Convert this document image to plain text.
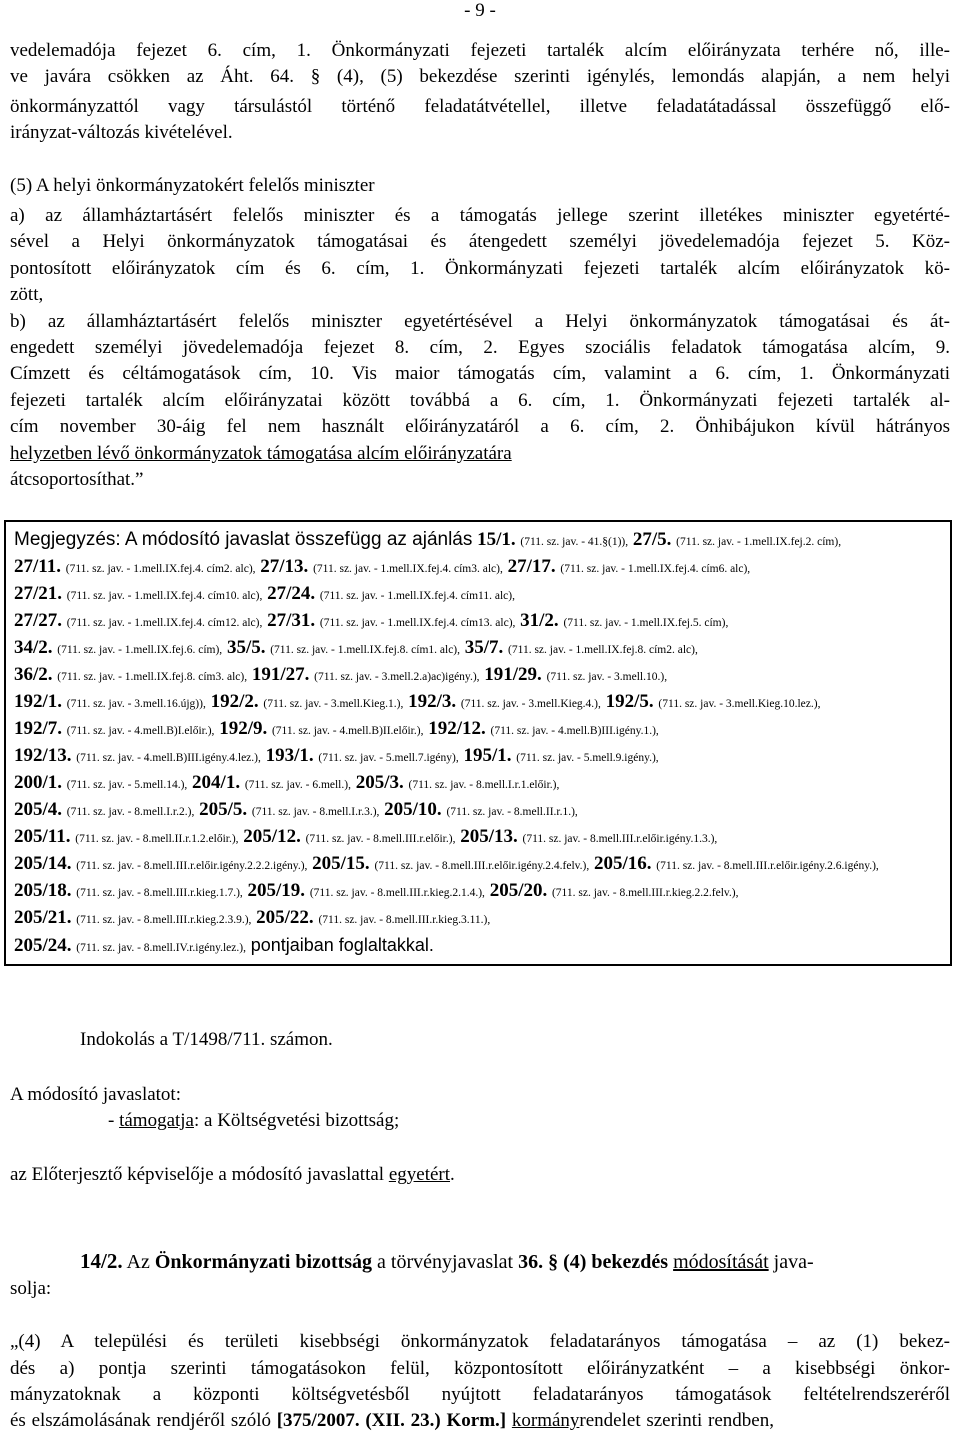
- 9 -
vedelemadója fejezet 6. cím, 1. Önkormányzati fejezeti tartalék alcím előirányzata terhére nő, ille-
ve javára csökken az Áht. 64. § (4), (5) bekezdése szerinti igénylés, lemondás alapján, a nem helyi
önkormányzattól vagy társulástól történő feladatátvétellel, illetve feladatátadással összefüggő elő-
irányzat-változás kivételével.
(5) A helyi önkormányzatokért felelős miniszter
a) az államháztartásért felelős miniszter és a támogatás jellege szerint illetékes miniszter egyetérté-
sével a Helyi önkormányzatok támogatásai és átengedett személyi jövedelemadója fejezet 5. Köz-
pontosított előirányzatok cím és 6. cím, 1. Önkormányzati fejezeti tartalék alcím előirányzatok kö-
zött,
b) az államháztartásért felelős miniszter egyetértésével a Helyi önkormányzatok támogatásai és át-
engedett személyi jövedelemadója fejezet 8. cím, 2. Egyes szociális feladatok támogatása alcím, 9.
Címzett és céltámogatások cím, 10. Vis maior támogatás cím, valamint a 6. cím, 1. Önkormányzati
fejezeti tartalék alcím előirányzatai között továbbá a 6. cím, 1. Önkormányzati fejezeti tartalék al-
cím november 30-áig fel nem használt előirányzatáról a 6. cím, 2. Önhibájukon kívül hátrányos
helyzetben lévő önkormányzatok támogatása alcím előirányzatára
átcsoportosíthat.”
Megjegyzés: A módosító javaslat összefügg az ajánlás 15/1. (711. sz. jav. - 41.§(1)), 27/5. (711. sz. jav. - 1.mell.IX.fej.2. cím),
27/11. (711. sz. jav. - 1.mell.IX.fej.4. cím2. alc), 27/13. (711. sz. jav. - 1.mell.IX.fej.4. cím3. alc), 27/17. (711. sz. jav. - 1.mell.IX.fej.4. cím6. alc),
27/21. (711. sz. jav. - 1.mell.IX.fej.4. cím10. alc), 27/24. (711. sz. jav. - 1.mell.IX.fej.4. cím11. alc),
27/27. (711. sz. jav. - 1.mell.IX.fej.4. cím12. alc), 27/31. (711. sz. jav. - 1.mell.IX.fej.4. cím13. alc), 31/2. (711. sz. jav. - 1.mell.IX.fej.5. cím),
34/2. (711. sz. jav. - 1.mell.IX.fej.6. cím), 35/5. (711. sz. jav. - 1.mell.IX.fej.8. cím1. alc), 35/7. (711. sz. jav. - 1.mell.IX.fej.8. cím2. alc),
36/2. (711. sz. jav. - 1.mell.IX.fej.8. cím3. alc), 191/27. (711. sz. jav. - 3.mell.2.a)ac)igény.), 191/29. (711. sz. jav. - 3.mell.10.),
192/1. (711. sz. jav. - 3.mell.16.újg)), 192/2. (711. sz. jav. - 3.mell.Kieg.1.), 192/3. (711. sz. jav. - 3.mell.Kieg.4.), 192/5. (711. sz. jav. - 3.mell.Kieg.10.lez.),
192/7. (711. sz. jav. - 4.mell.B)I.előir.), 192/9. (711. sz. jav. - 4.mell.B)II.előir.), 192/12. (711. sz. jav. - 4.mell.B)III.igény.1.),
192/13. (711. sz. jav. - 4.mell.B)III.igény.4.lez.), 193/1. (711. sz. jav. - 5.mell.7.igény), 195/1. (711. sz. jav. - 5.mell.9.igény.),
200/1. (711. sz. jav. - 5.mell.14.), 204/1. (711. sz. jav. - 6.mell.), 205/3. (711. sz. jav. - 8.mell.I.r.1.előir.),
205/4. (711. sz. jav. - 8.mell.I.r.2.), 205/5. (711. sz. jav. - 8.mell.I.r.3.), 205/10. (711. sz. jav. - 8.mell.II.r.1.),
205/11. (711. sz. jav. - 8.mell.II.r.1.2.előir.), 205/12. (711. sz. jav. - 8.mell.III.r.előir.), 205/13. (711. sz. jav. - 8.mell.III.r.előir.igény.1.3.),
205/14. (711. sz. jav. - 8.mell.III.r.előir.igény.2.2.2.igény.), 205/15. (711. sz. jav. - 8.mell.III.r.előir.igény.2.4.felv.), 205/16. (711. sz. jav. - 8.mell.III.r.előir.igény.2.6.igény.),
205/18. (711. sz. jav. - 8.mell.III.r.kieg.1.7.), 205/19. (711. sz. jav. - 8.mell.III.r.kieg.2.1.4.), 205/20. (711. sz. jav. - 8.mell.III.r.kieg.2.2.felv.),
205/21. (711. sz. jav. - 8.mell.III.r.kieg.2.3.9.), 205/22. (711. sz. jav. - 8.mell.III.r.kieg.3.11.),
205/24. (711. sz. jav. - 8.mell.IV.r.igény.lez.), pontjaiban foglaltakkal.
Indokolás a T/1498/711. számon.
A módosító javaslatot:
- támogatja: a Költségvetési bizottság;
az Előterjesztő képviselője a módosító javaslattal egyetért.
14/2. Az Önkormányzati bizottság a törvényjavaslat 36. § (4) bekezdés módosítását java-
solja:
„(4) A települési és területi kisebbségi önkormányzatok feladatarányos támogatása – az (1) bekez-
dés a) pontja szerinti támogatásokon felül, központosított előirányzatként – a kisebbségi önkor-
mányzatoknak a központi költségvetésből nyújtott feladatarányos támogatások feltételrendszeréről
és elszámolásának rendjéről szóló [375/2007. (XII. 23.) Korm.] kormányrendelet szerinti rendben,
